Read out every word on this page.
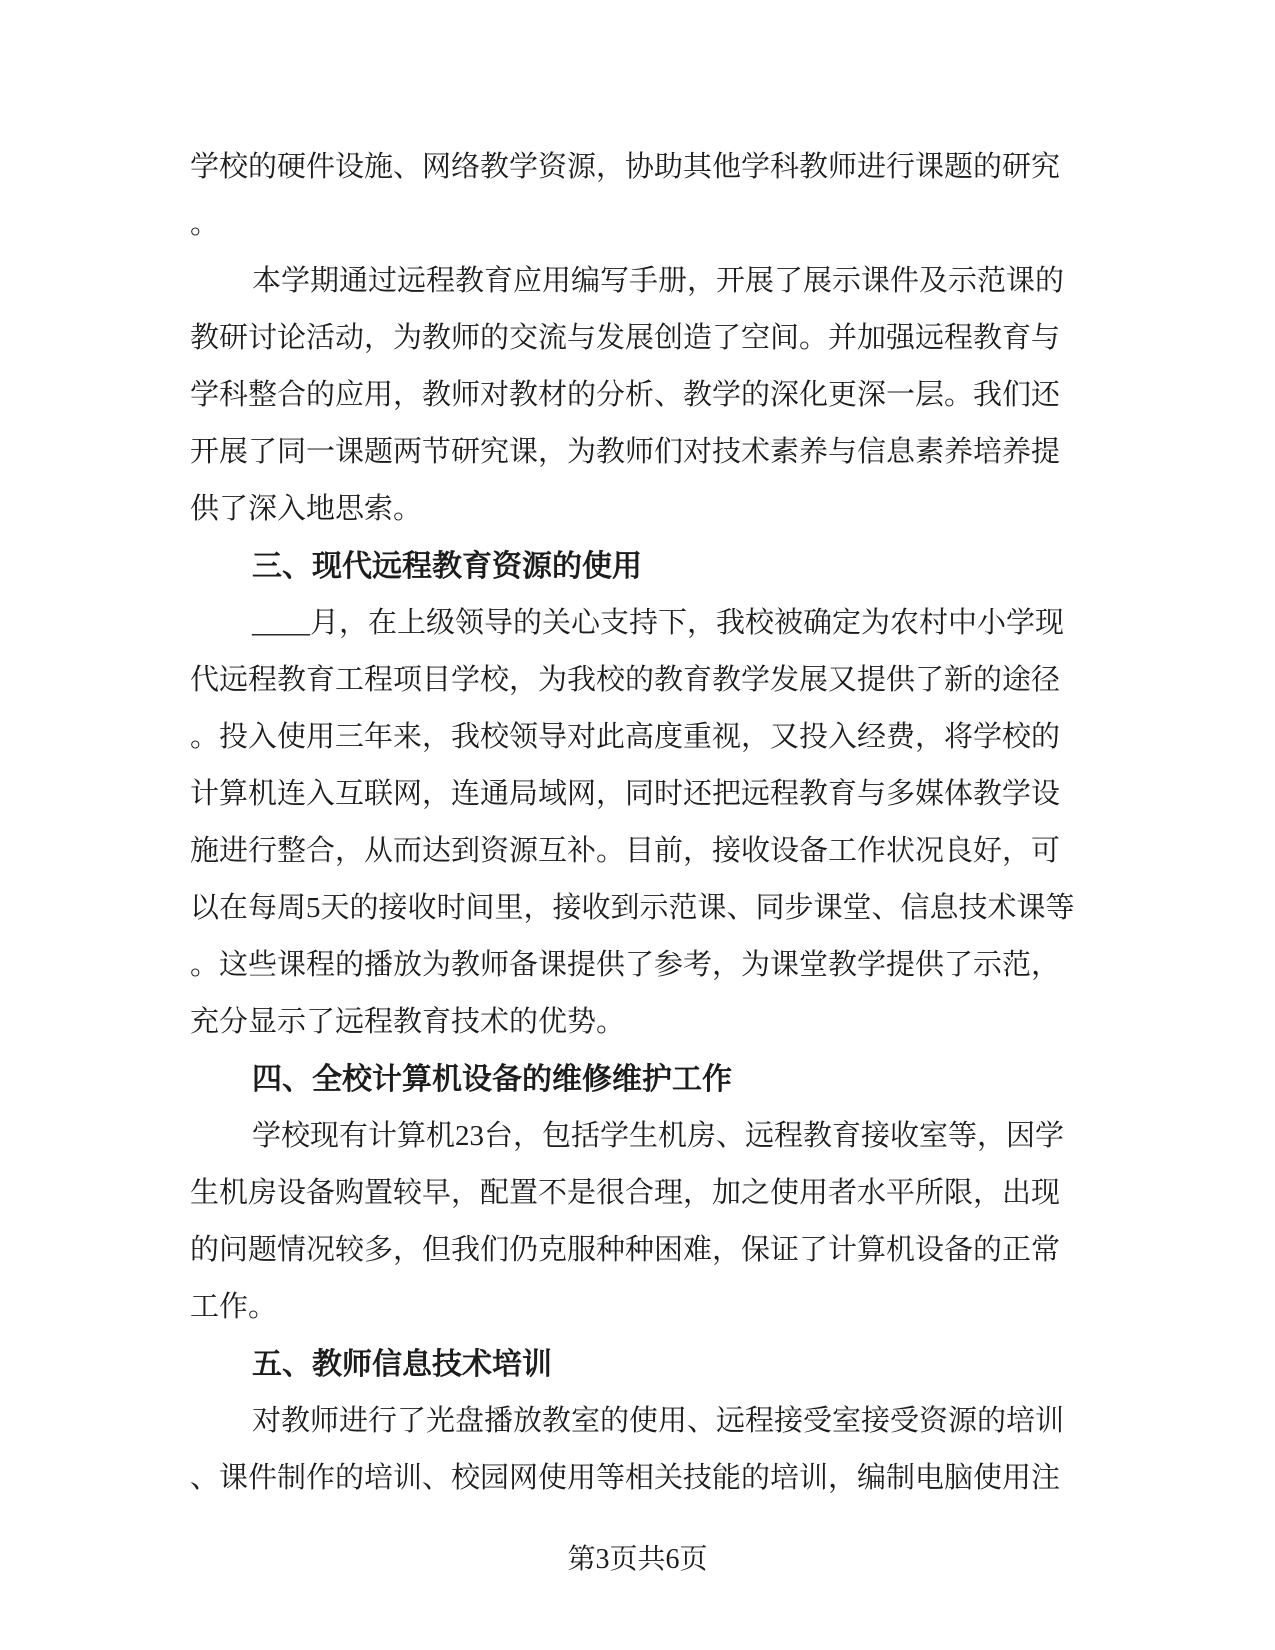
学校的硬件设施、网络教学资源，协助其他学科教师进行课题的研究
。
本学期通过远程教育应用编写手册，开展了展示课件及示范课的
教研讨论活动，为教师的交流与发展创造了空间。并加强远程教育与
学科整合的应用，教师对教材的分析、教学的深化更深一层。我们还
开展了同一课题两节研究课，为教师们对技术素养与信息素养培养提
供了深入地思索。
三、现代远程教育资源的使用
____月，在上级领导的关心支持下，我校被确定为农村中小学现
代远程教育工程项目学校，为我校的教育教学发展又提供了新的途径
。投入使用三年来，我校领导对此高度重视，又投入经费，将学校的
计算机连入互联网，连通局域网，同时还把远程教育与多媒体教学设
施进行整合，从而达到资源互补。目前，接收设备工作状况良好，可
以在每周5天的接收时间里，接收到示范课、同步课堂、信息技术课等
。这些课程的播放为教师备课提供了参考，为课堂教学提供了示范，
充分显示了远程教育技术的优势。
四、全校计算机设备的维修维护工作
学校现有计算机23台，包括学生机房、远程教育接收室等，因学
生机房设备购置较早，配置不是很合理，加之使用者水平所限，出现
的问题情况较多，但我们仍克服种种困难，保证了计算机设备的正常
工作。
五、教师信息技术培训
对教师进行了光盘播放教室的使用、远程接受室接受资源的培训
、课件制作的培训、校园网使用等相关技能的培训，编制电脑使用注
第3页共6页
